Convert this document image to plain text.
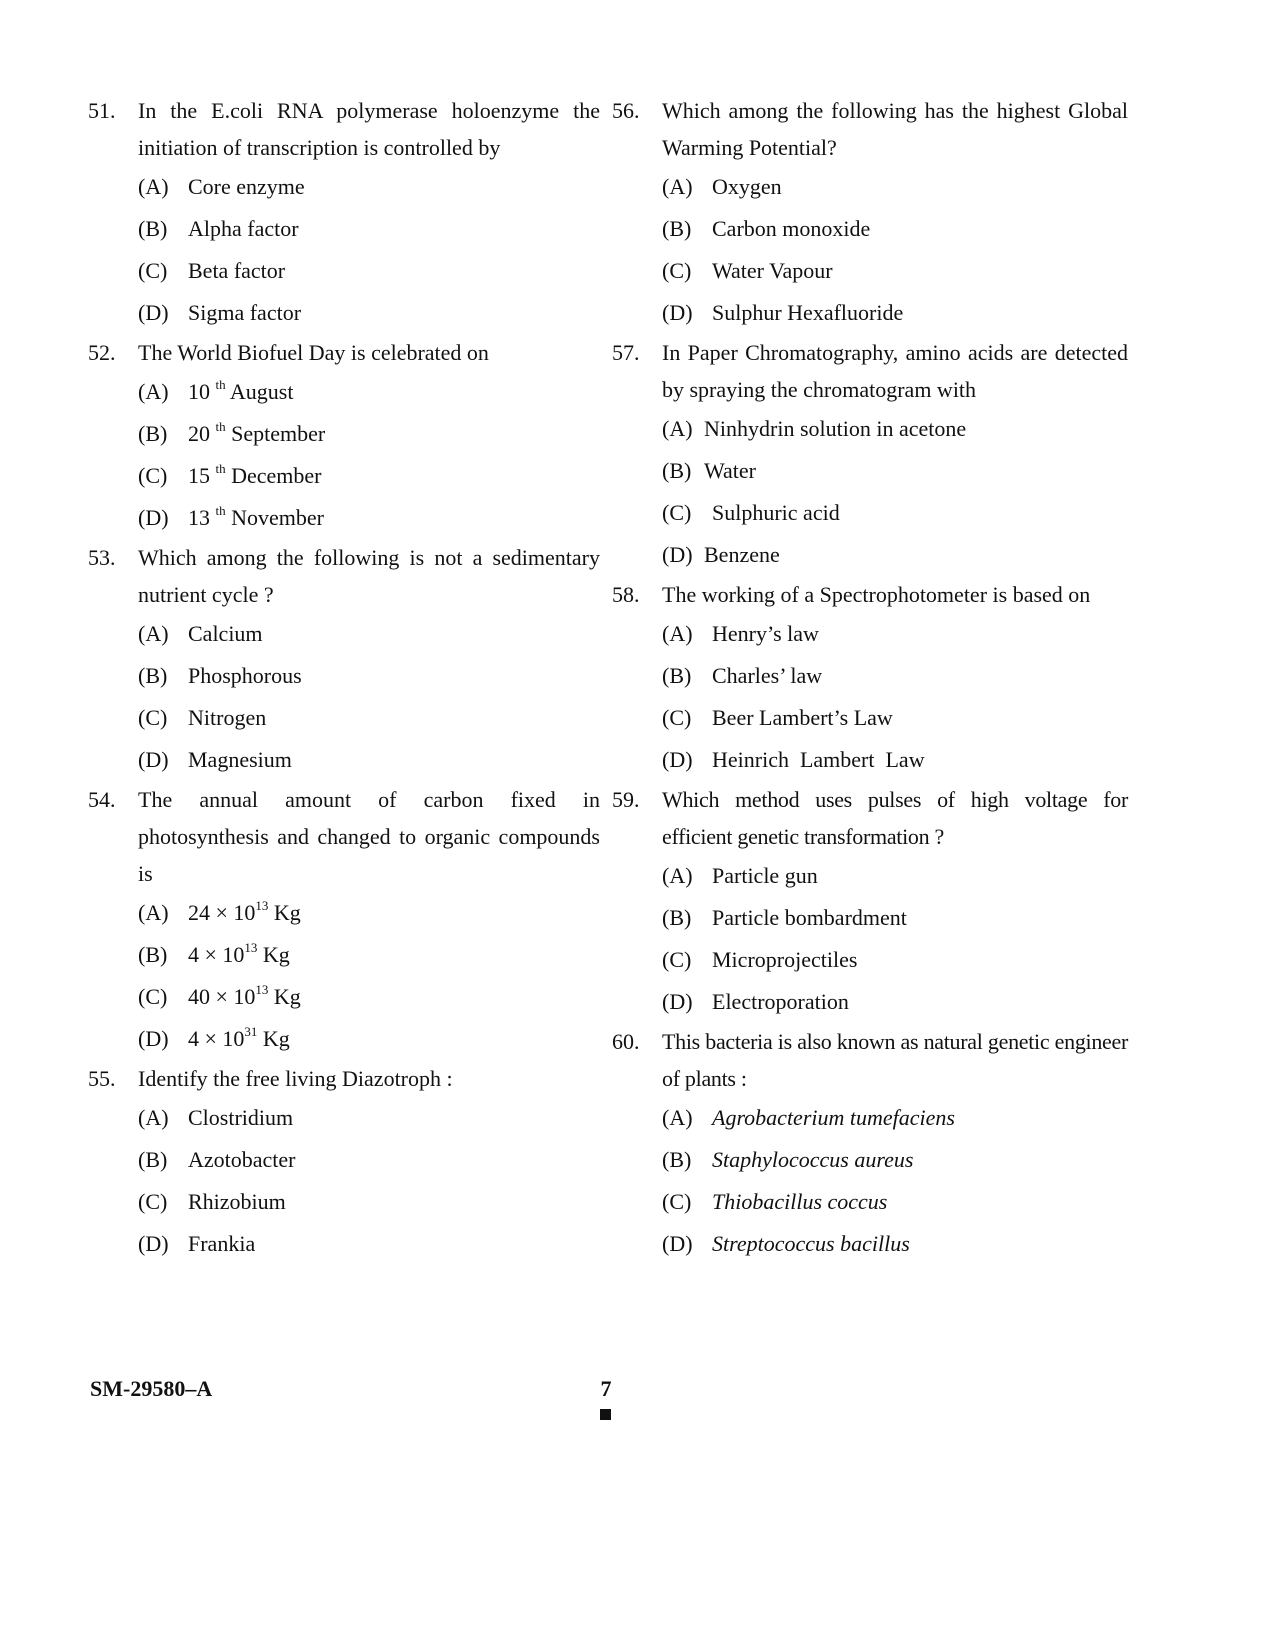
51.	In the E.coli RNA polymerase holoenzyme the initiation of transcription is controlled by
(A) Core enzyme
(B) Alpha factor
(C) Beta factor
(D) Sigma factor
52.	The World Biofuel Day is celebrated on
(A) 10 $^{th}$ August
(B) 20 $^{th}$ September
(C) 15 $^{th}$ December
(D) 13 $^{th}$ November
53.	Which among the following is not a sedimentary nutrient cycle ?
(A) Calcium
(B) Phosphorous
(C) Nitrogen
(D) Magnesium
54.	The annual amount of carbon fixed in photosynthesis and changed to organic compounds is
(A) $24 \times 10^{13}$ Kg
(B) $4 \times 10^{13}$ Kg
(C) $40 \times 10^{13}$ Kg
(D) $4 \times 10^{31}$ Kg
55.	Identify the free living Diazotroph :
(A) Clostridium
(B) Azotobacter
(C) Rhizobium
(D) Frankia
56.	Which among the following has the highest Global Warming Potential?
(A) Oxygen
(B) Carbon monoxide
(C) Water Vapour
(D) Sulphur Hexafluoride
57.	In Paper Chromatography, amino acids are detected by spraying the chromatogram with
(A) Ninhydrin solution in acetone
(B) Water
(C) Sulphuric acid
(D) Benzene
58.	The working of a Spectrophotometer is based on
(A) Henry’s law
(B) Charles’ law
(C) Beer Lambert’s Law
(D) Heinrich  Lambert  Law
59.	Which method uses pulses of high voltage for efficient genetic transformation ?
(A) Particle gun
(B) Particle bombardment
(C) Microprojectiles
(D) Electroporation
60.	This bacteria is also known as natural genetic engineer of plants :
(A) Agrobacterium tumefaciens
(B) Staphylococcus aureus
(C) Thiobacillus coccus
(D) Streptococcus bacillus
SM-29580–A	7
